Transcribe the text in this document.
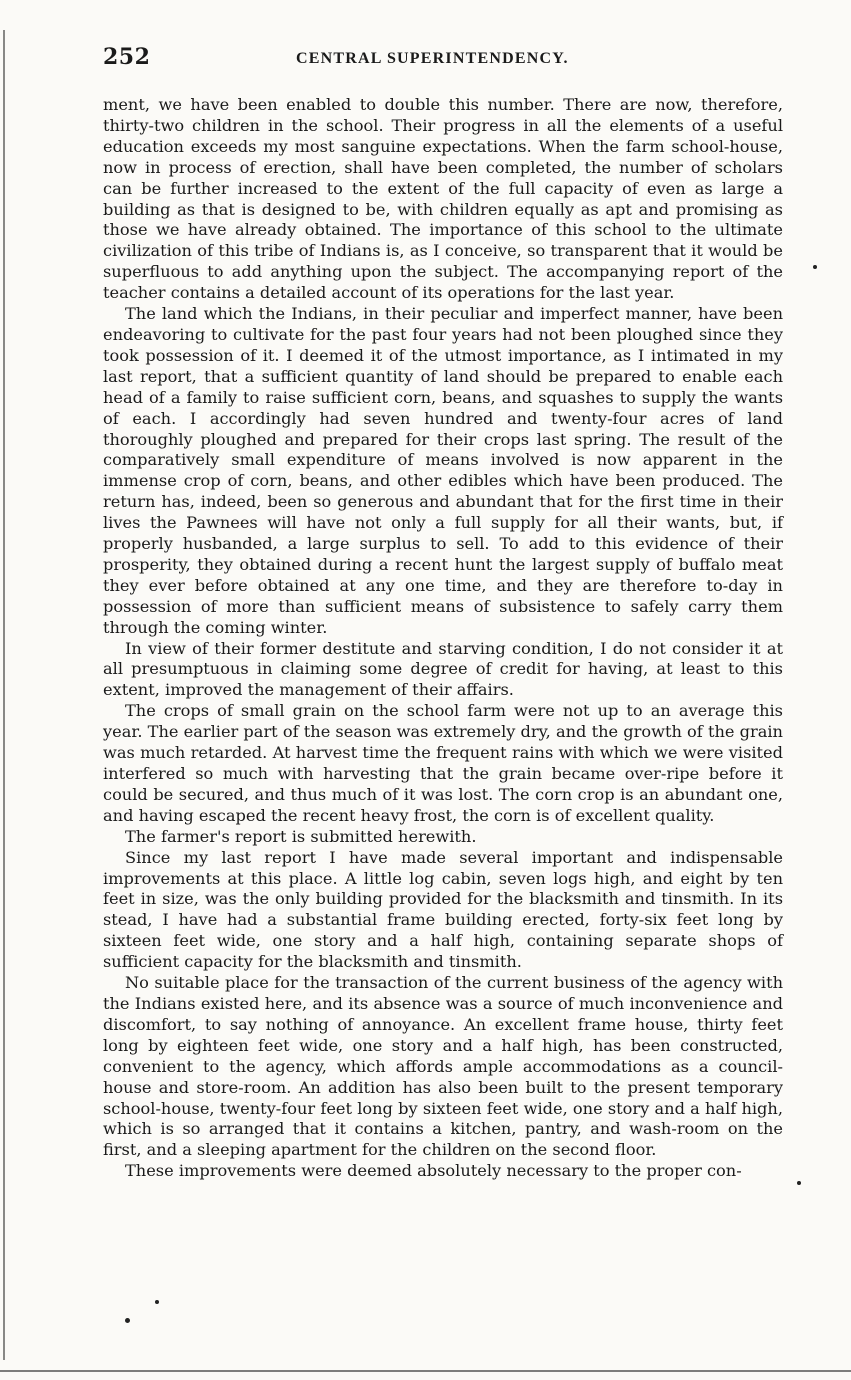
252	CENTRAL SUPERINTENDENCY.

ment, we have been enabled to double this number. There are now, therefore, thirty-two children in the school. Their progress in all the elements of a useful education exceeds my most sanguine expectations. When the farm school-house, now in process of erection, shall have been completed, the number of scholars can be further increased to the extent of the full capacity of even as large a building as that is designed to be, with children equally as apt and promising as those we have already obtained. The importance of this school to the ultimate civilization of this tribe of Indians is, as I conceive, so transparent that it would be superfluous to add anything upon the subject. The accompanying report of the teacher contains a detailed account of its operations for the last year.

The land which the Indians, in their peculiar and imperfect manner, have been endeavoring to cultivate for the past four years had not been ploughed since they took possession of it. I deemed it of the utmost importance, as I intimated in my last report, that a sufficient quantity of land should be prepared to enable each head of a family to raise sufficient corn, beans, and squashes to supply the wants of each. I accordingly had seven hundred and twenty-four acres of land thoroughly ploughed and prepared for their crops last spring. The result of the comparatively small expenditure of means involved is now apparent in the immense crop of corn, beans, and other edibles which have been produced. The return has, indeed, been so generous and abundant that for the first time in their lives the Pawnees will have not only a full supply for all their wants, but, if properly husbanded, a large surplus to sell. To add to this evidence of their prosperity, they obtained during a recent hunt the largest supply of buffalo meat they ever before obtained at any one time, and they are therefore to-day in possession of more than sufficient means of subsistence to safely carry them through the coming winter.

In view of their former destitute and starving condition, I do not consider it at all presumptuous in claiming some degree of credit for having, at least to this extent, improved the management of their affairs.

The crops of small grain on the school farm were not up to an average this year. The earlier part of the season was extremely dry, and the growth of the grain was much retarded. At harvest time the frequent rains with which we were visited interfered so much with harvesting that the grain became over-ripe before it could be secured, and thus much of it was lost. The corn crop is an abundant one, and having escaped the recent heavy frost, the corn is of excellent quality.

The farmer's report is submitted herewith.

Since my last report I have made several important and indispensable improvements at this place. A little log cabin, seven logs high, and eight by ten feet in size, was the only building provided for the blacksmith and tinsmith. In its stead, I have had a substantial frame building erected, forty-six feet long by sixteen feet wide, one story and a half high, containing separate shops of sufficient capacity for the blacksmith and tinsmith.

No suitable place for the transaction of the current business of the agency with the Indians existed here, and its absence was a source of much inconvenience and discomfort, to say nothing of annoyance. An excellent frame house, thirty feet long by eighteen feet wide, one story and a half high, has been constructed, convenient to the agency, which affords ample accommodations as a council-house and store-room. An addition has also been built to the present temporary school-house, twenty-four feet long by sixteen feet wide, one story and a half high, which is so arranged that it contains a kitchen, pantry, and wash-room on the first, and a sleeping apartment for the children on the second floor.

These improvements were deemed absolutely necessary to the proper con-
